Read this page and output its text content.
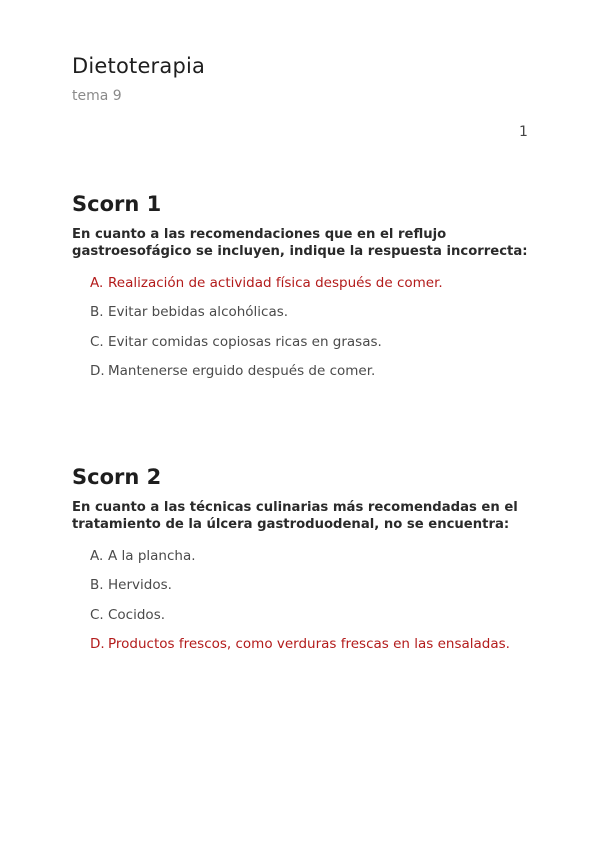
Dietoterapia
tema 9
1
Scorn 1

En cuanto a las recomendaciones que en el reflujo gastroesofágico se incluyen, indique la respuesta incorrecta:

A. Realización de actividad física después de comer.
B. Evitar bebidas alcohólicas.
C. Evitar comidas copiosas ricas en grasas.
D. Mantenerse erguido después de comer.
Scorn 2

En cuanto a las técnicas culinarias más recomendadas en el tratamiento de la úlcera gastroduodenal, no se encuentra:

A. A la plancha.
B. Hervidos.
C. Cocidos.
D. Productos frescos, como verduras frescas en las ensaladas.
